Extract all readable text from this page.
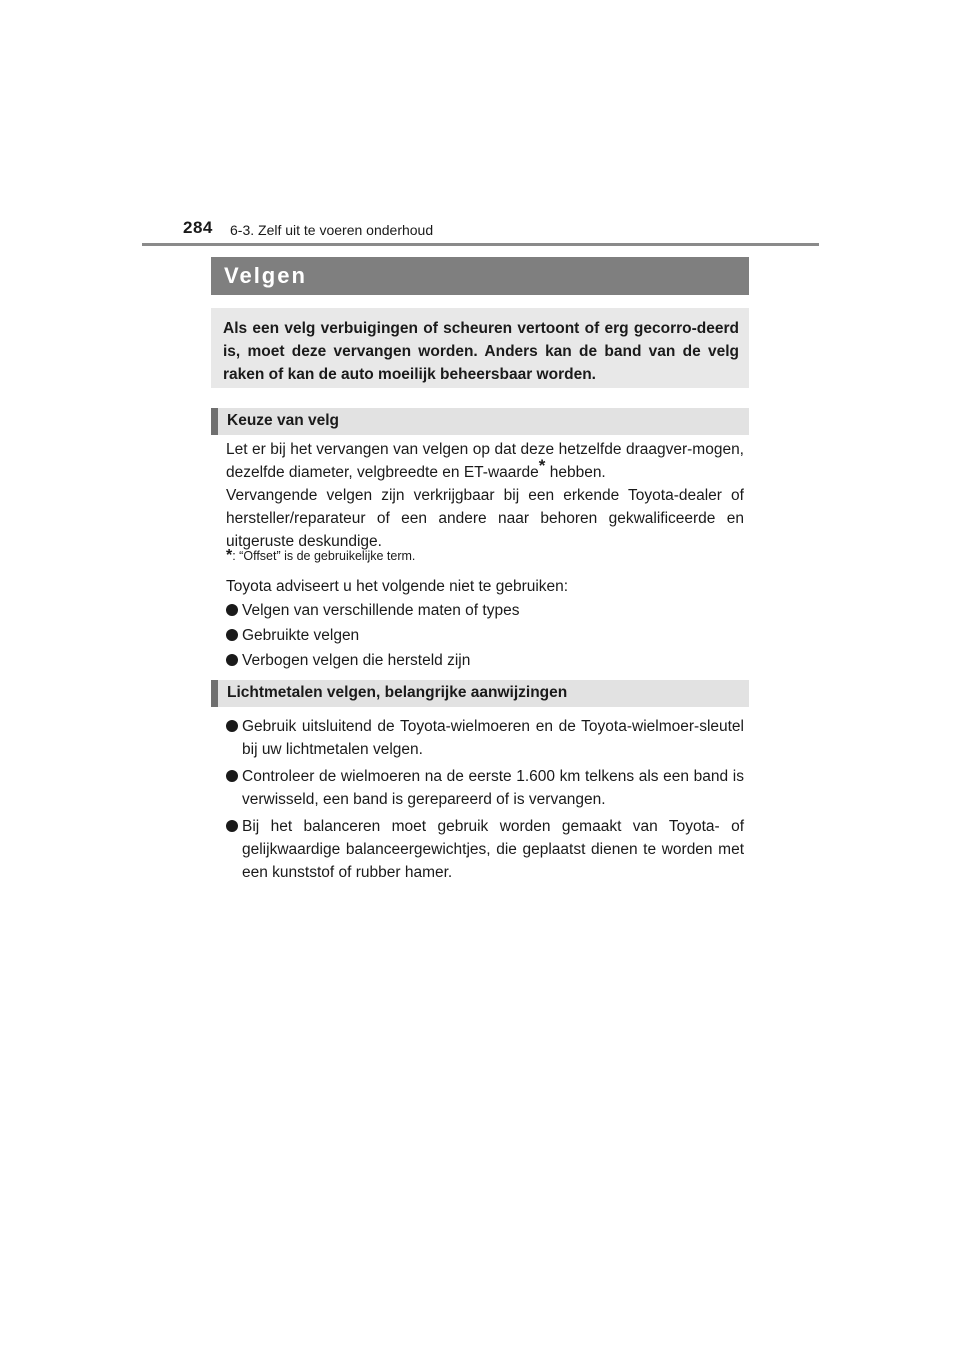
284 6-3. Zelf uit te voeren onderhoud
Velgen
Als een velg verbuigingen of scheuren vertoont of erg gecorro-deerd is, moet deze vervangen worden. Anders kan de band van de velg raken of kan de auto moeilijk beheersbaar worden.
Keuze van velg
Let er bij het vervangen van velgen op dat deze hetzelfde draagver-mogen, dezelfde diameter, velgbreedte en ET-waarde* hebben.
Vervangende velgen zijn verkrijgbaar bij een erkende Toyota-dealer of hersteller/reparateur of een andere naar behoren gekwalificeerde en uitgeruste deskundige.
*: “Offset” is de gebruikelijke term.
Toyota adviseert u het volgende niet te gebruiken:
Velgen van verschillende maten of types
Gebruikte velgen
Verbogen velgen die hersteld zijn
Lichtmetalen velgen, belangrijke aanwijzingen
Gebruik uitsluitend de Toyota-wielmoeren en de Toyota-wielmoer-sleutel bij uw lichtmetalen velgen.
Controleer de wielmoeren na de eerste 1.600 km telkens als een band is verwisseld, een band is gerepareerd of is vervangen.
Bij het balanceren moet gebruik worden gemaakt van Toyota- of gelijkwaardige balanceergewichtjes, die geplaatst dienen te worden met een kunststof of rubber hamer.
